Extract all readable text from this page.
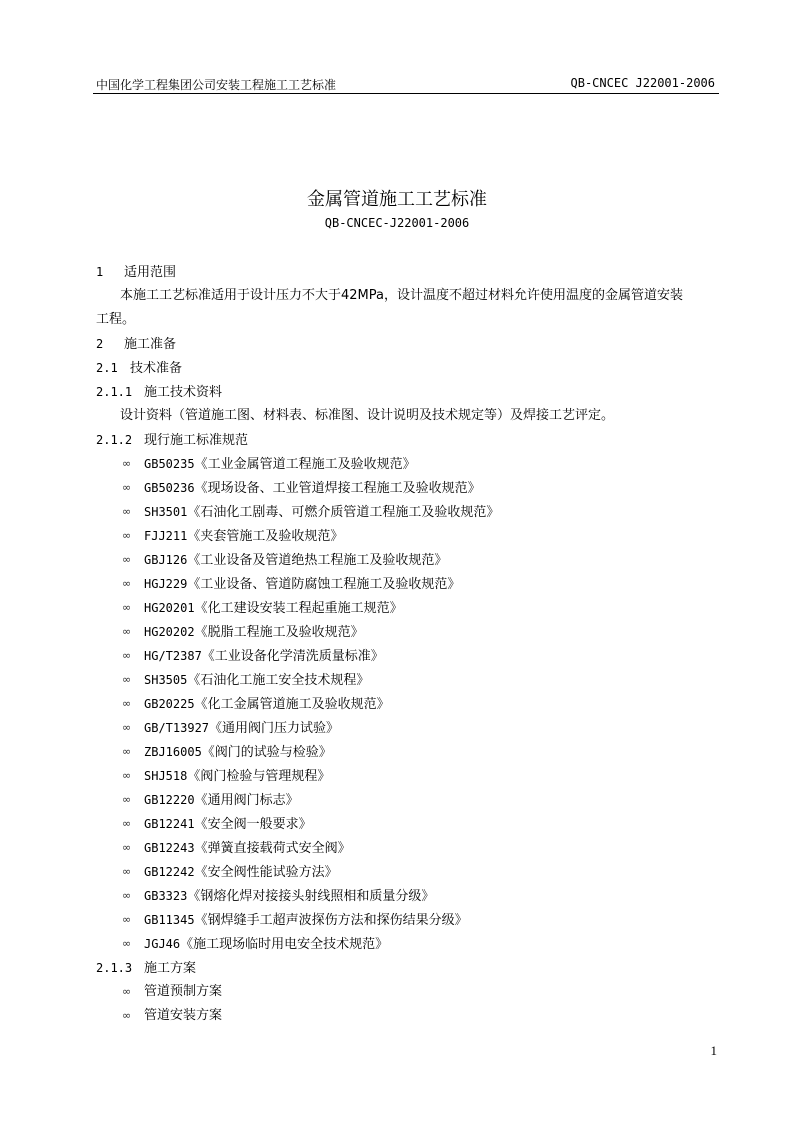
中国化学工程集团公司安装工程施工工艺标准	QB-CNCEC J22001-2006
金属管道施工工艺标准
QB-CNCEC-J22001-2006
1 适用范围
本施工工艺标准适用于设计压力不大于42MPa，设计温度不超过材料允许使用温度的金属管道安装
工程。
2 施工准备
2.1 技术准备
2.1.1 施工技术资料
设计资料（管道施工图、材料表、标准图、设计说明及技术规定等）及焊接工艺评定。
2.1.2 现行施工标准规范
∞ GB50235《工业金属管道工程施工及验收规范》
∞ GB50236《现场设备、工业管道焊接工程施工及验收规范》
∞ SH3501《石油化工剧毒、可燃介质管道工程施工及验收规范》
∞ FJJ211《夹套管施工及验收规范》
∞ GBJ126《工业设备及管道绝热工程施工及验收规范》
∞ HGJ229《工业设备、管道防腐蚀工程施工及验收规范》
∞ HG20201《化工建设安装工程起重施工规范》
∞ HG20202《脱脂工程施工及验收规范》
∞ HG/T2387《工业设备化学清洗质量标准》
∞ SH3505《石油化工施工安全技术规程》
∞ GB20225《化工金属管道施工及验收规范》
∞ GB/T13927《通用阀门压力试验》
∞ ZBJ16005《阀门的试验与检验》
∞ SHJ518《阀门检验与管理规程》
∞ GB12220《通用阀门标志》
∞ GB12241《安全阀一般要求》
∞ GB12243《弹簧直接载荷式安全阀》
∞ GB12242《安全阀性能试验方法》
∞ GB3323《钢熔化焊对接接头射线照相和质量分级》
∞ GB11345《钢焊缝手工超声波探伤方法和探伤结果分级》
∞ JGJ46《施工现场临时用电安全技术规范》
2.1.3 施工方案
∞ 管道预制方案
∞ 管道安装方案
1
